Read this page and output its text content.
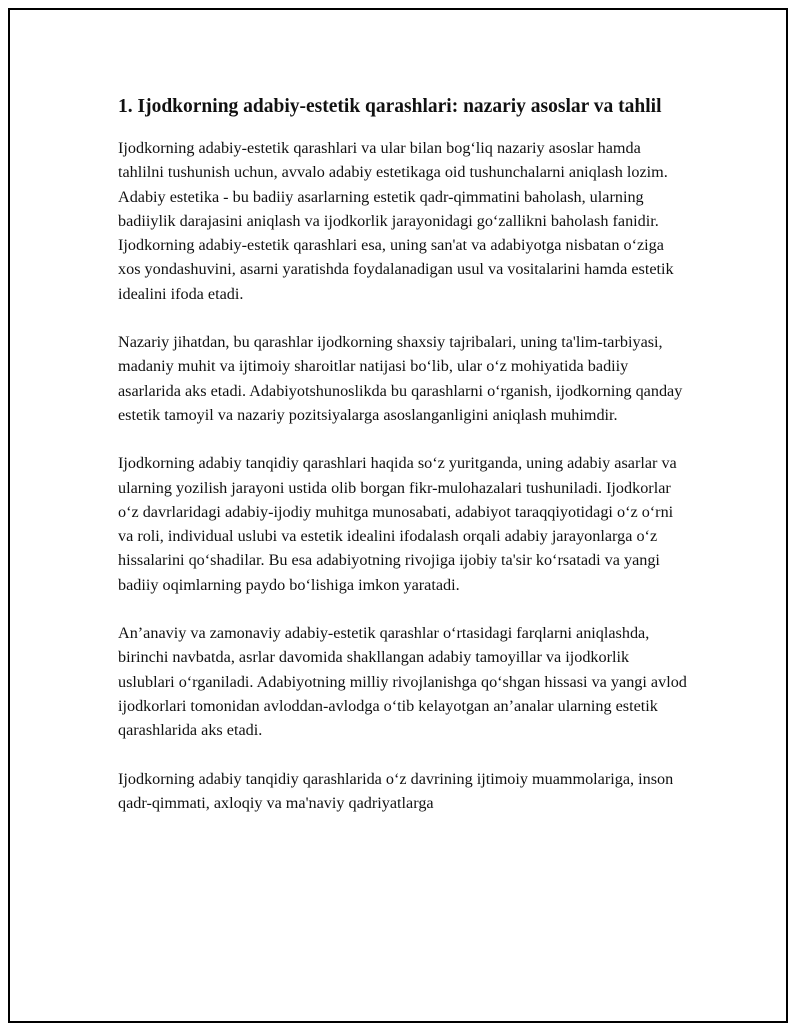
1. Ijodkorning adabiy-estetik qarashlari: nazariy asoslar va tahlil

Ijodkorning adabiy-estetik qarashlari va ular bilan bog‘liq nazariy asoslar hamda tahlilni tushunish uchun, avvalo adabiy estetikaga oid tushunchalarni aniqlash lozim. Adabiy estetika - bu badiiy asarlarning estetik qadr-qimmatini baholash, ularning badiiylik darajasini aniqlash va ijodkorlik jarayonidagi go‘zallikni baholash fanidir. Ijodkorning adabiy-estetik qarashlari esa, uning san'at va adabiyotga nisbatan o‘ziga xos yondashuvini, asarni yaratishda foydalanadigan usul va vositalarini hamda estetik idealini ifoda etadi.

Nazariy jihatdan, bu qarashlar ijodkorning shaxsiy tajribalari, uning ta'lim-tarbiyasi, madaniy muhit va ijtimoiy sharoitlar natijasi bo‘lib, ular o‘z mohiyatida badiiy asarlarida aks etadi. Adabiyotshunoslikda bu qarashlarni o‘rganish, ijodkorning qanday estetik tamoyil va nazariy pozitsiyalarga asoslanganligini aniqlash muhimdir.

Ijodkorning adabiy tanqidiy qarashlari haqida so‘z yuritganda, uning adabiy asarlar va ularning yozilish jarayoni ustida olib borgan fikr-mulohazalari tushuniladi. Ijodkorlar o‘z davrlaridagi adabiy-ijodiy muhitga munosabati, adabiyot taraqqiyotidagi o‘z o‘rni va roli, individual uslubi va estetik idealini ifodalash orqali adabiy jarayonlarga o‘z hissalarini qo‘shadilar. Bu esa adabiyotning rivojiga ijobiy ta'sir ko‘rsatadi va yangi badiiy oqimlarning paydo bo‘lishiga imkon yaratadi.

An’anaviy va zamonaviy adabiy-estetik qarashlar o‘rtasidagi farqlarni aniqlashda, birinchi navbatda, asrlar davomida shakllangan adabiy tamoyillar va ijodkorlik uslublari o‘rganiladi. Adabiyotning milliy rivojlanishga qo‘shgan hissasi va yangi avlod ijodkorlari tomonidan avloddan-avlodga o‘tib kelayotgan an’analar ularning estetik qarashlarida aks etadi.

Ijodkorning adabiy tanqidiy qarashlarida o‘z davrining ijtimoiy muammolariga, inson qadr-qimmati, axloqiy va ma'naviy qadriyatlarga
